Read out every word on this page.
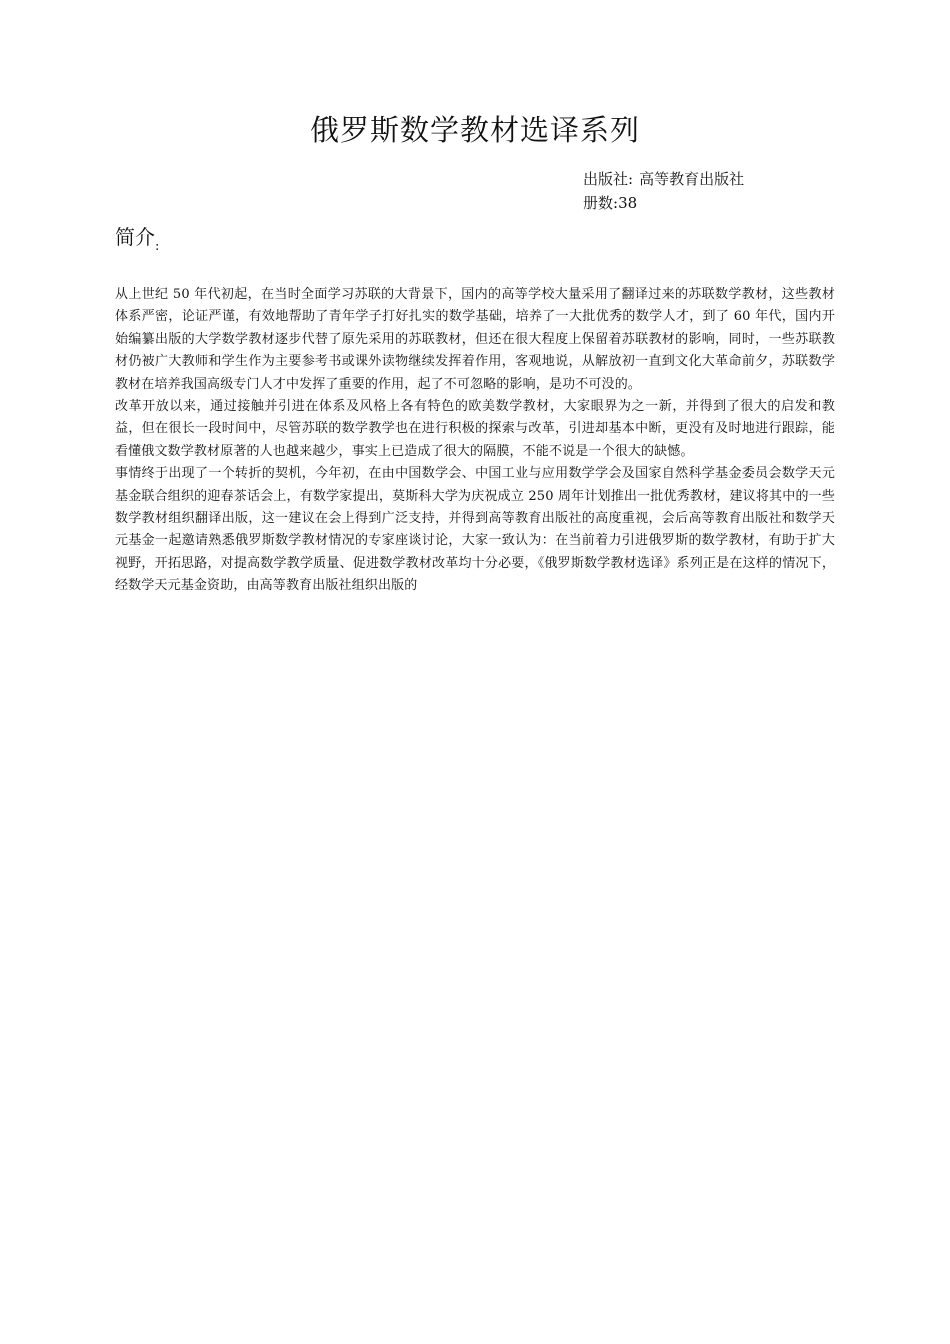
俄罗斯数学教材选译系列
出版社: 高等教育出版社
册数:38
简介$_:$

从上世纪 50 年代初起，在当时全面学习苏联的大背景下，国内的高等学校大量采用了翻译过来的苏联数学教材，这些教材体系严密，论证严谨，有效地帮助了青年学子打好扎实的数学基础，培养了一大批优秀的数学人才，到了 60 年代，国内开始编纂出版的大学数学教材逐步代替了原先采用的苏联教材，但还在很大程度上保留着苏联教材的影响，同时，一些苏联教材仍被广大教师和学生作为主要参考书或课外读物继续发挥着作用，客观地说，从解放初一直到文化大革命前夕，苏联数学教材在培养我国高级专门人才中发挥了重要的作用，起了不可忽略的影响，是功不可没的。

改革开放以来，通过接触并引进在体系及风格上各有特色的欧美数学教材，大家眼界为之一新，并得到了很大的启发和教益，但在很长一段时间中，尽管苏联的数学教学也在进行积极的探索与改革，引进却基本中断，更没有及时地进行跟踪，能看懂俄文数学教材原著的人也越来越少，事实上已造成了很大的隔膜，不能不说是一个很大的缺憾。

事情终于出现了一个转折的契机，今年初，在由中国数学会、中国工业与应用数学学会及国家自然科学基金委员会数学天元基金联合组织的迎春茶话会上，有数学家提出，莫斯科大学为庆祝成立 250 周年计划推出一批优秀教材，建议将其中的一些数学教材组织翻译出版，这一建议在会上得到广泛支持，并得到高等教育出版社的高度重视，会后高等教育出版社和数学天元基金一起邀请熟悉俄罗斯数学教材情况的专家座谈讨论，大家一致认为：在当前着力引进俄罗斯的数学教材，有助于扩大视野，开拓思路，对提高数学教学质量、促进数学教材改革均十分必要，《俄罗斯数学教材选译》系列正是在这样的情况下，经数学天元基金资助，由高等教育出版社组织出版的
